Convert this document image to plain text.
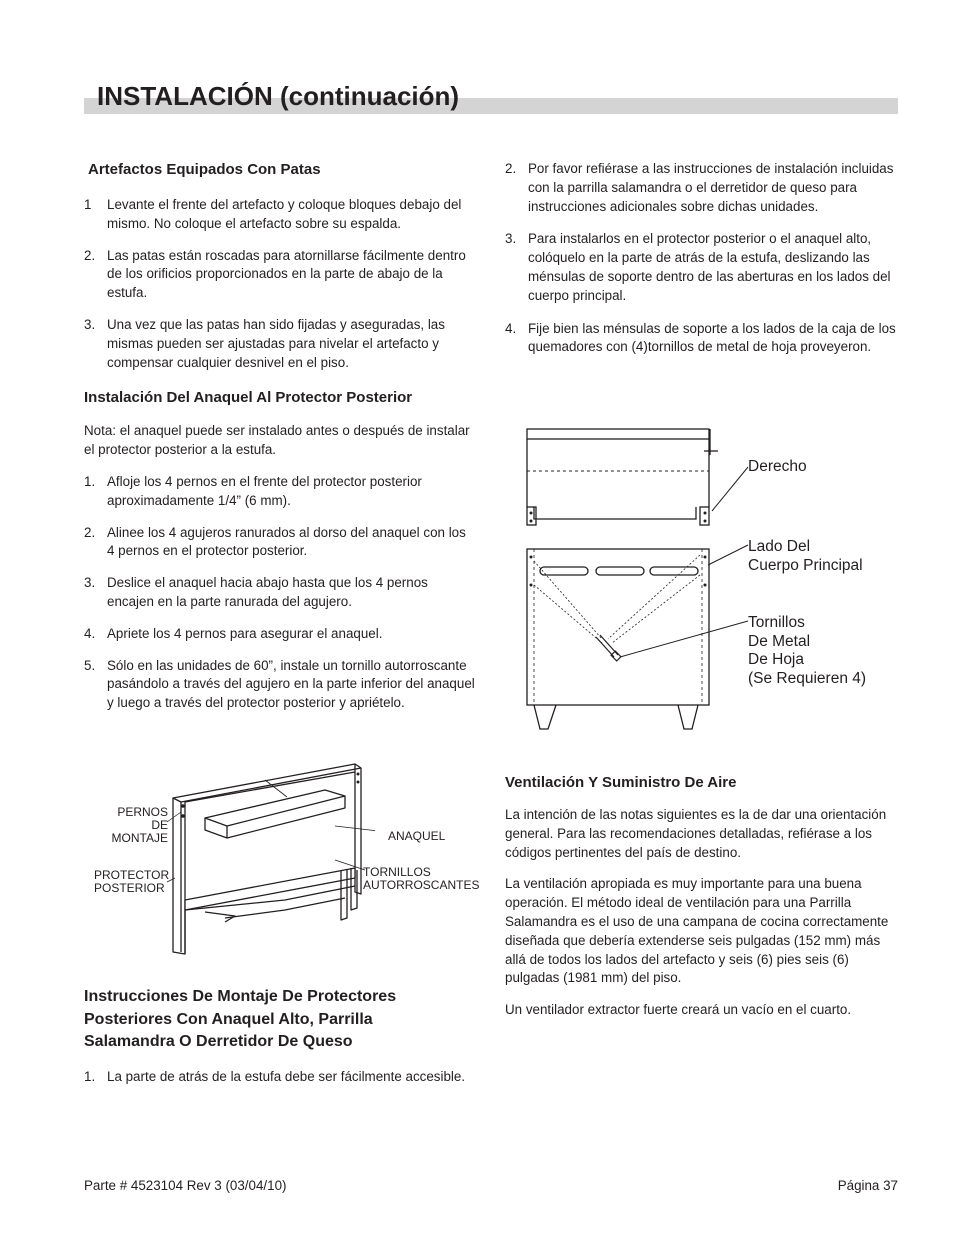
INSTALACIÓN (continuación)
Artefactos Equipados Con Patas
1	Levante el frente del artefacto y coloque bloques debajo del mismo. No coloque el artefacto sobre su espalda.
2. Las patas están roscadas para atornillarse fácilmente dentro de los orificios proporcionados en la parte de abajo de la estufa.
3. Una vez que las patas han sido fijadas y aseguradas, las mismas pueden ser ajustadas para nivelar el artefacto y compensar cualquier desnivel en el piso.
Instalación Del Anaquel Al Protector Posterior

Nota: el anaquel puede ser instalado antes o después de instalar el protector posterior a la estufa.

1. Afloje los 4 pernos en el frente del protector posterior aproximadamente 1/4” (6 mm).
2. Alinee los 4 agujeros ranurados al dorso del anaquel con los 4 pernos en el protector posterior.
3. Deslice el anaquel hacia abajo hasta que los 4 pernos encajen en la parte ranurada del agujero.
4. Apriete los 4 pernos para asegurar el anaquel.
5. Sólo en las unidades de 60”, instale un tornillo autorroscante pasándolo a través del agujero en la parte inferior del anaquel y luego a través del protector posterior y apriételo.
PERNOS
DE MONTAJE
PROTECTOR
POSTERIOR
ANAQUEL
TORNILLOS
AUTORROSCANTES
Instrucciones De Montaje De Protectores
Posteriores Con Anaquel Alto, Parrilla
Salamandra O Derretidor De Queso
1. La parte de atrás de la estufa debe ser fácilmente accesible.
2. Por favor refiérase a las instrucciones de instalación incluidas con la parrilla salamandra o el derretidor de queso para instrucciones adicionales sobre dichas unidades.
3. Para instalarlos en el protector posterior o el anaquel alto, colóquelo en la parte de atrás de la estufa, deslizando las ménsulas de soporte dentro de las aberturas en los lados del cuerpo principal.
4. Fije bien las ménsulas de soporte a los lados de la caja de los quemadores con (4)tornillos de metal de hoja proveyeron.
Derecho
Lado Del
Cuerpo Principal
Tornillos
De Metal
De Hoja
(Se Requieren 4)
Ventilación Y Suministro De Aire

La intención de las notas siguientes es la de dar una orientación general. Para las recomendaciones detalladas, refiérase a los códigos pertinentes del país de destino.

La ventilación apropiada es muy importante para una buena operación. El método ideal de ventilación para una Parrilla Salamandra es el uso de una campana de cocina correctamente diseñada que debería extenderse seis pulgadas (152 mm) más allá de todos los lados del artefacto y seis (6) pies seis (6) pulgadas (1981 mm) del piso.

Un ventilador extractor fuerte creará un vacío en el cuarto.

Parte # 4523104 Rev 3 (03/04/10)	Página 37
